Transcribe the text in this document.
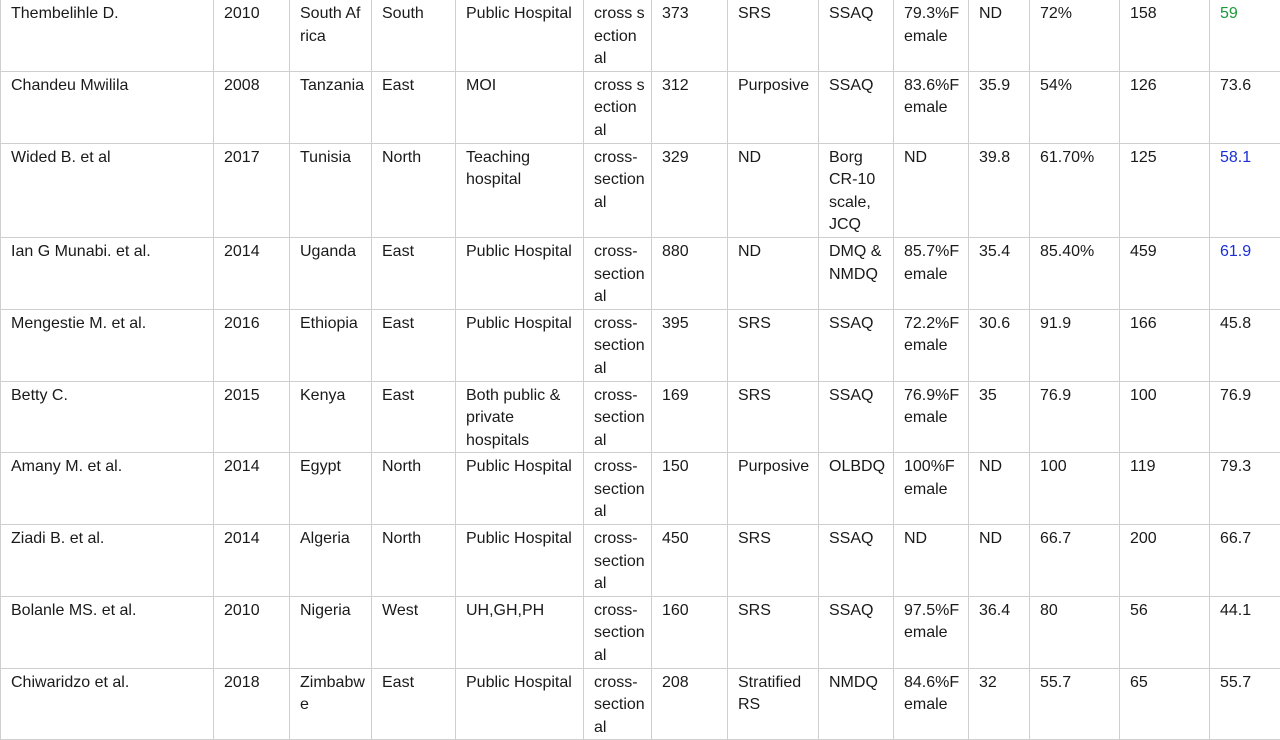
Thembelihle D.	2010	South Africa	South	Public Hospital	cross sectional	373	SRS	SSAQ	79.3%Female	ND	72%	158	59
Chandeu Mwilila	2008	Tanzania	East	MOI	cross sectional	312	Purposive	SSAQ	83.6%Female	35.9	54%	126	73.6
Wided B. et al	2017	Tunisia	North	Teaching hospital	cross-sectional	329	ND	Borg CR-10 scale, JCQ	ND	39.8	61.70%	125	58.1
Ian G Munabi. et al.	2014	Uganda	East	Public Hospital	cross-sectional	880	ND	DMQ & NMDQ	85.7%Female	35.4	85.40%	459	61.9
Mengestie M. et al.	2016	Ethiopia	East	Public Hospital	cross-sectional	395	SRS	SSAQ	72.2%Female	30.6	91.9	166	45.8
Betty C.	2015	Kenya	East	Both public & private hospitals	cross-sectional	169	SRS	SSAQ	76.9%Female	35	76.9	100	76.9
Amany M. et al.	2014	Egypt	North	Public Hospital	cross-sectional	150	Purposive	OLBDQ	100%Female	ND	100	119	79.3
Ziadi B. et al.	2014	Algeria	North	Public Hospital	cross-sectional	450	SRS	SSAQ	ND	ND	66.7	200	66.7
Bolanle MS. et al.	2010	Nigeria	West	UH,GH,PH	cross-sectional	160	SRS	SSAQ	97.5%Female	36.4	80	56	44.1
Chiwaridzo et al.	2018	Zimbabwe	East	Public Hospital	cross-sectional	208	Stratified RS	NMDQ	84.6%Female	32	55.7	65	55.7
